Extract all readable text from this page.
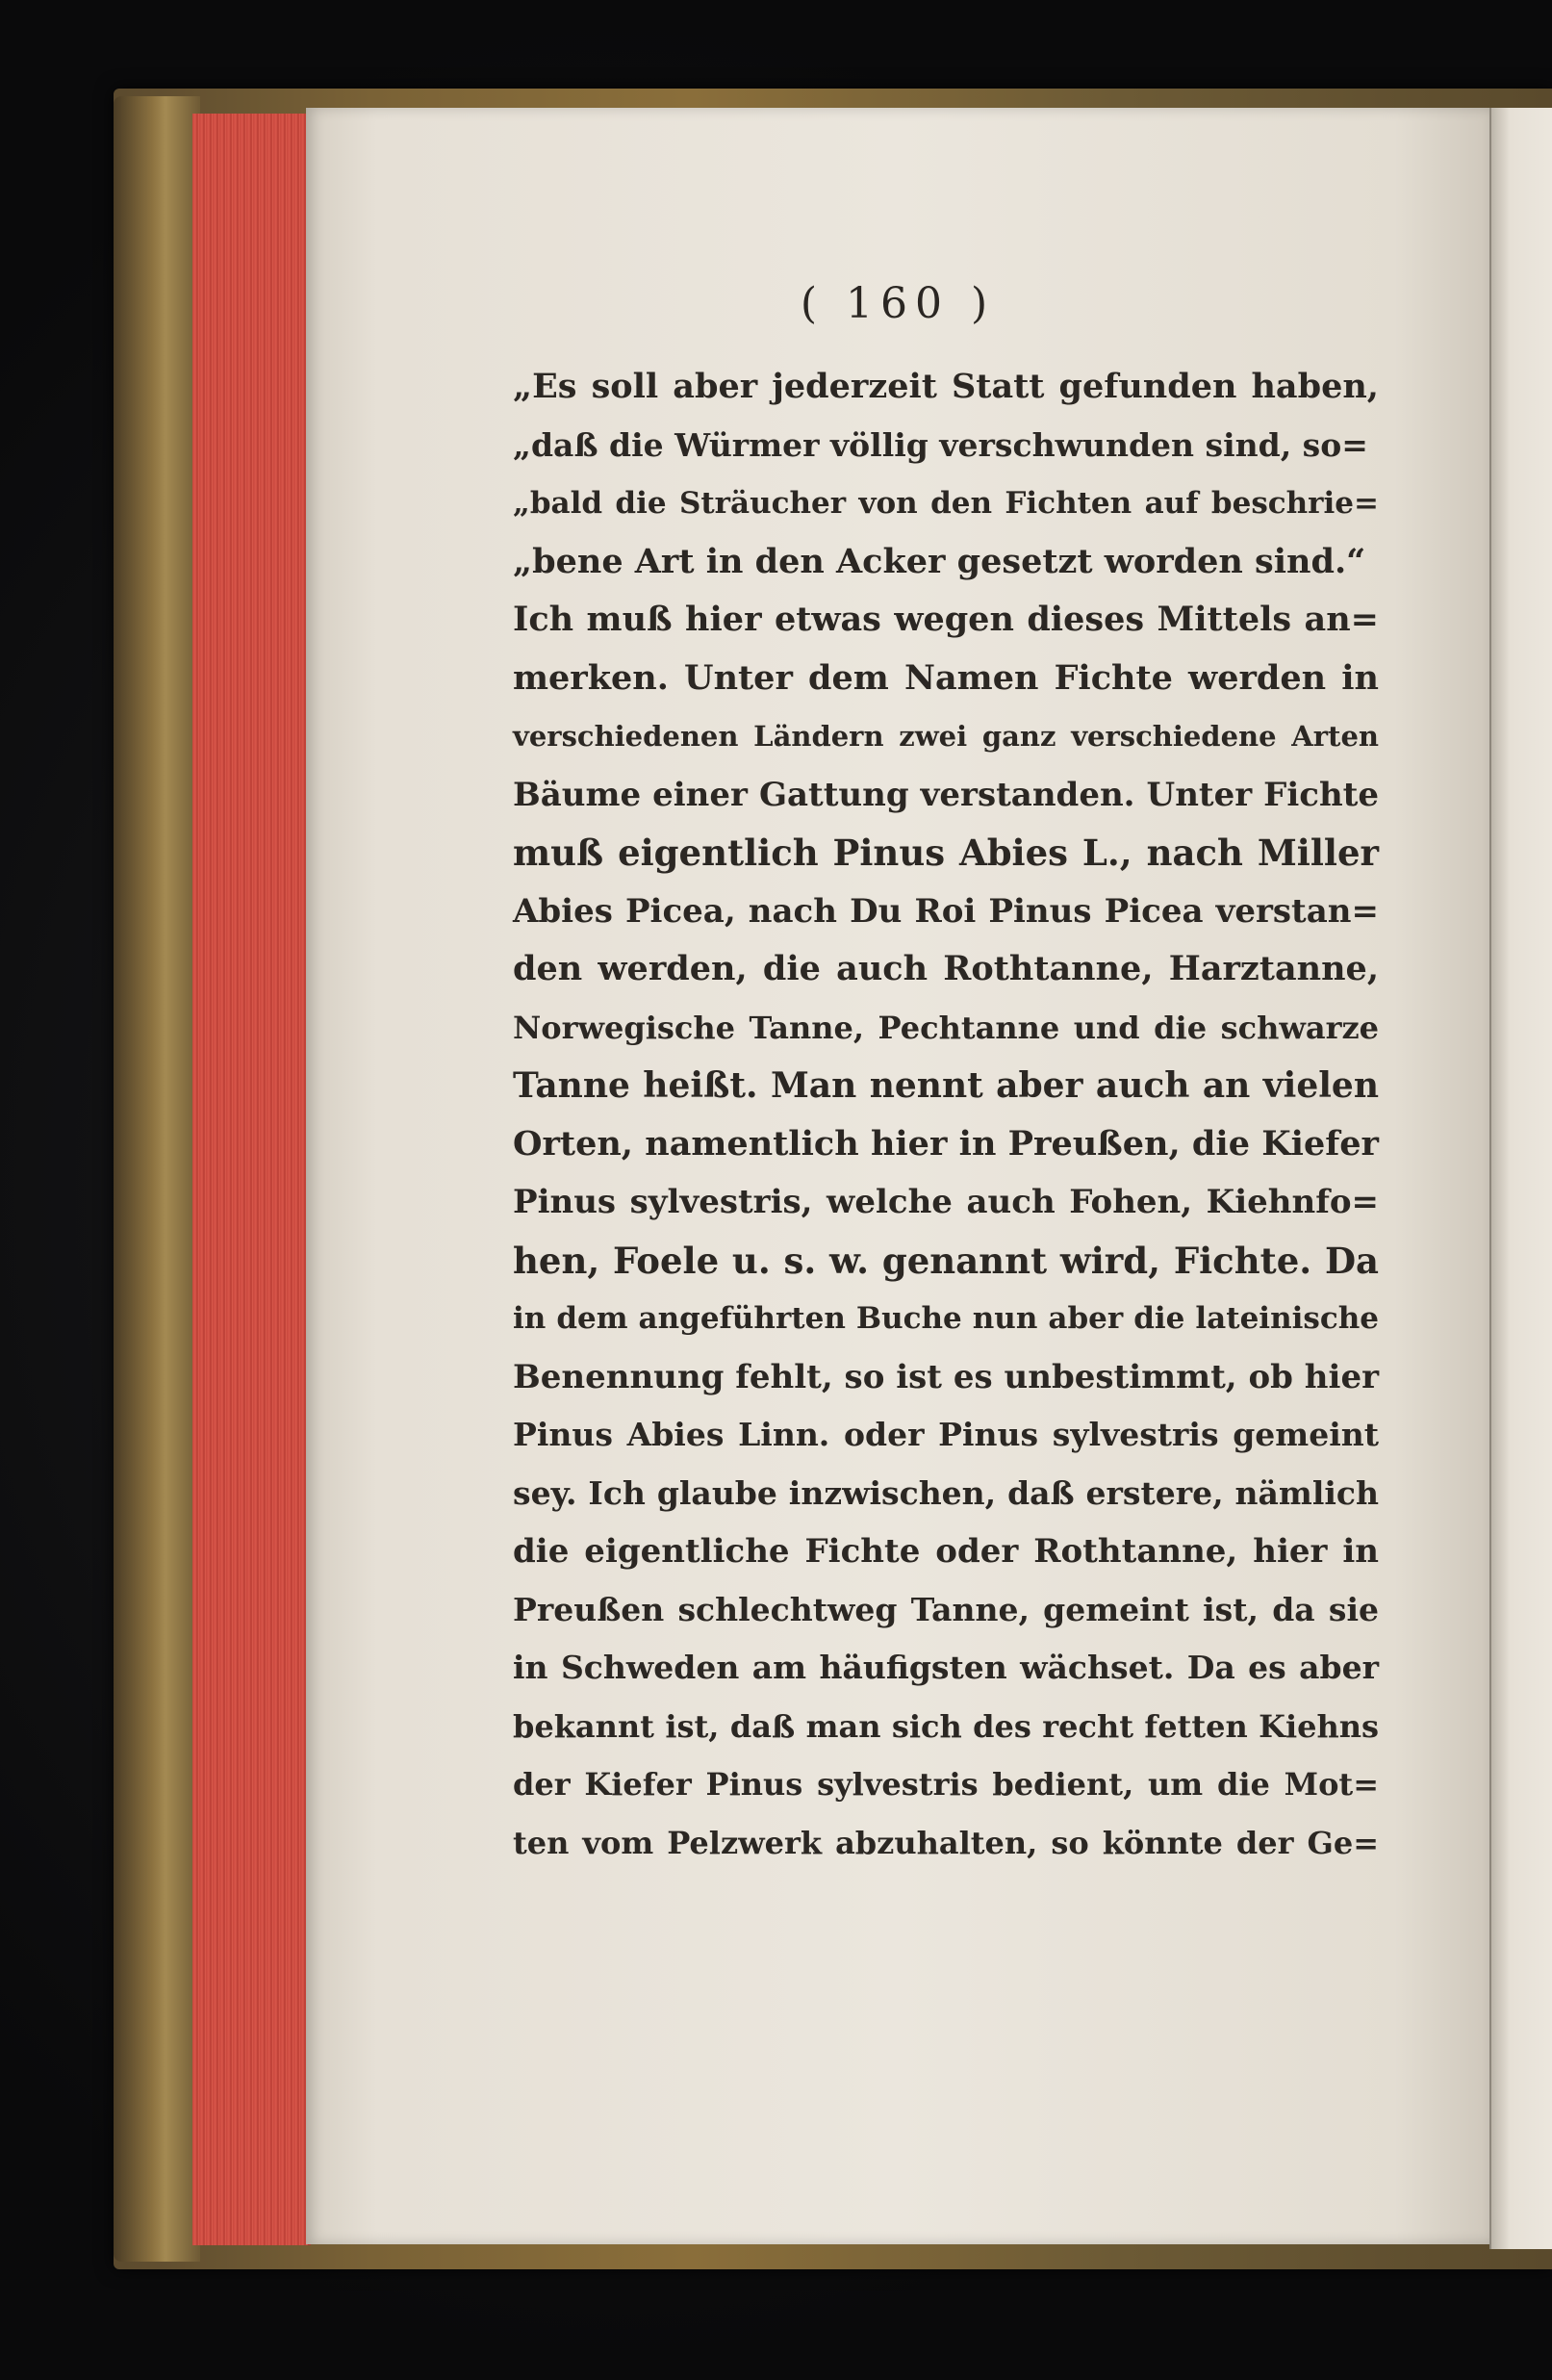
( 160 )
„Es soll aber jederzeit Statt gefunden haben,
„daß die Würmer völlig verschwunden sind, so=
„bald die Sträucher von den Fichten auf beschrie=
„bene Art in den Acker gesetzt worden sind.“
Ich muß hier etwas wegen dieses Mittels an=
merken. Unter dem Namen Fichte werden in
verschiedenen Ländern zwei ganz verschiedene Arten
Bäume einer Gattung verstanden. Unter Fichte
muß eigentlich Pinus Abies L., nach Miller
Abies Picea, nach Du Roi Pinus Picea verstan=
den werden, die auch Rothtanne, Harztanne,
Norwegische Tanne, Pechtanne und die schwarze
Tanne heißt. Man nennt aber auch an vielen
Orten, namentlich hier in Preußen, die Kiefer
Pinus sylvestris, welche auch Fohen, Kiehnfo=
hen, Foele u. s. w. genannt wird, Fichte. Da
in dem angeführten Buche nun aber die lateinische
Benennung fehlt, so ist es unbestimmt, ob hier
Pinus Abies Linn. oder Pinus sylvestris gemeint
sey. Ich glaube inzwischen, daß erstere, nämlich
die eigentliche Fichte oder Rothtanne, hier in
Preußen schlechtweg Tanne, gemeint ist, da sie
in Schweden am häufigsten wächset. Da es aber
bekannt ist, daß man sich des recht fetten Kiehns
der Kiefer Pinus sylvestris bedient, um die Mot=
ten vom Pelzwerk abzuhalten, so könnte der Ge=
